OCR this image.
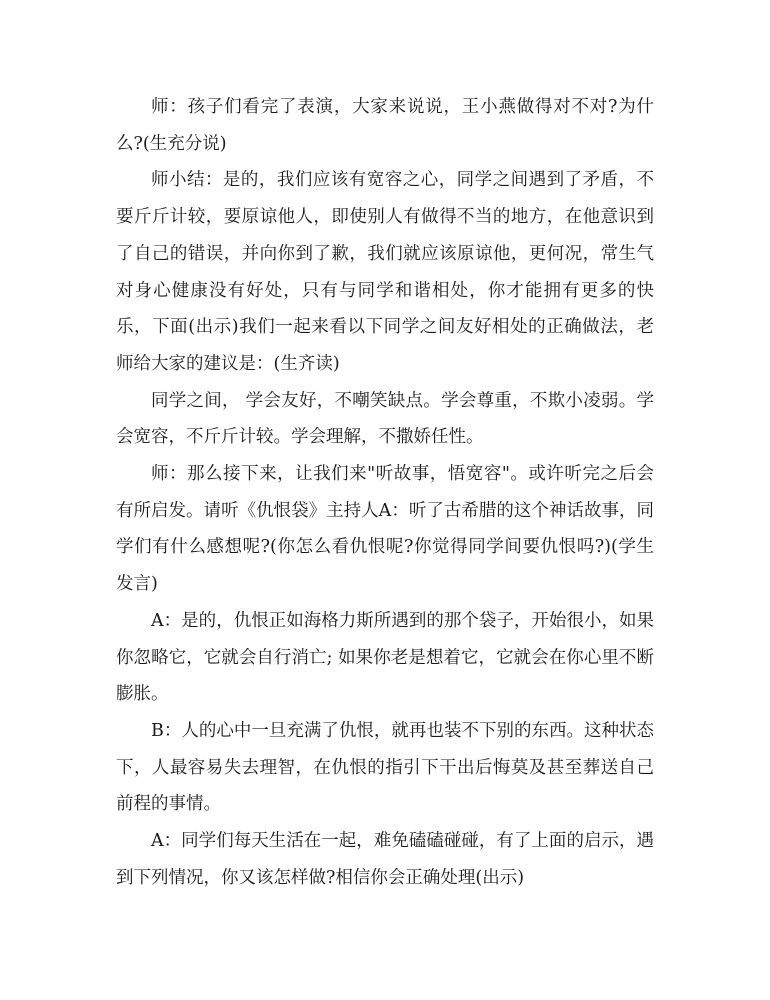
师：孩子们看完了表演，大家来说说，王小燕做得对不对?为什么?(生充分说)

师小结：是的，我们应该有宽容之心，同学之间遇到了矛盾，不要斤斤计较，要原谅他人，即使别人有做得不当的地方，在他意识到了自己的错误，并向你到了歉，我们就应该原谅他，更何况，常生气对身心健康没有好处，只有与同学和谐相处，你才能拥有更多的快乐，下面(出示)我们一起来看以下同学之间友好相处的正确做法，老师给大家的建议是：(生齐读)

同学之间， 学会友好，不嘲笑缺点。学会尊重，不欺小凌弱。学会宽容，不斤斤计较。学会理解，不撒娇任性。

师：那么接下来，让我们来"听故事，悟宽容"。或许听完之后会有所启发。请听《仇恨袋》主持人A：听了古希腊的这个神话故事，同学们有什么感想呢?(你怎么看仇恨呢?你觉得同学间要仇恨吗?)(学生发言)

A：是的，仇恨正如海格力斯所遇到的那个袋子，开始很小，如果你忽略它，它就会自行消亡; 如果你老是想着它，它就会在你心里不断膨胀。

B：人的心中一旦充满了仇恨，就再也装不下别的东西。这种状态下，人最容易失去理智，在仇恨的指引下干出后悔莫及甚至葬送自己前程的事情。

A：同学们每天生活在一起，难免磕磕碰碰，有了上面的启示，遇到下列情况，你又该怎样做?相信你会正确处理(出示)
